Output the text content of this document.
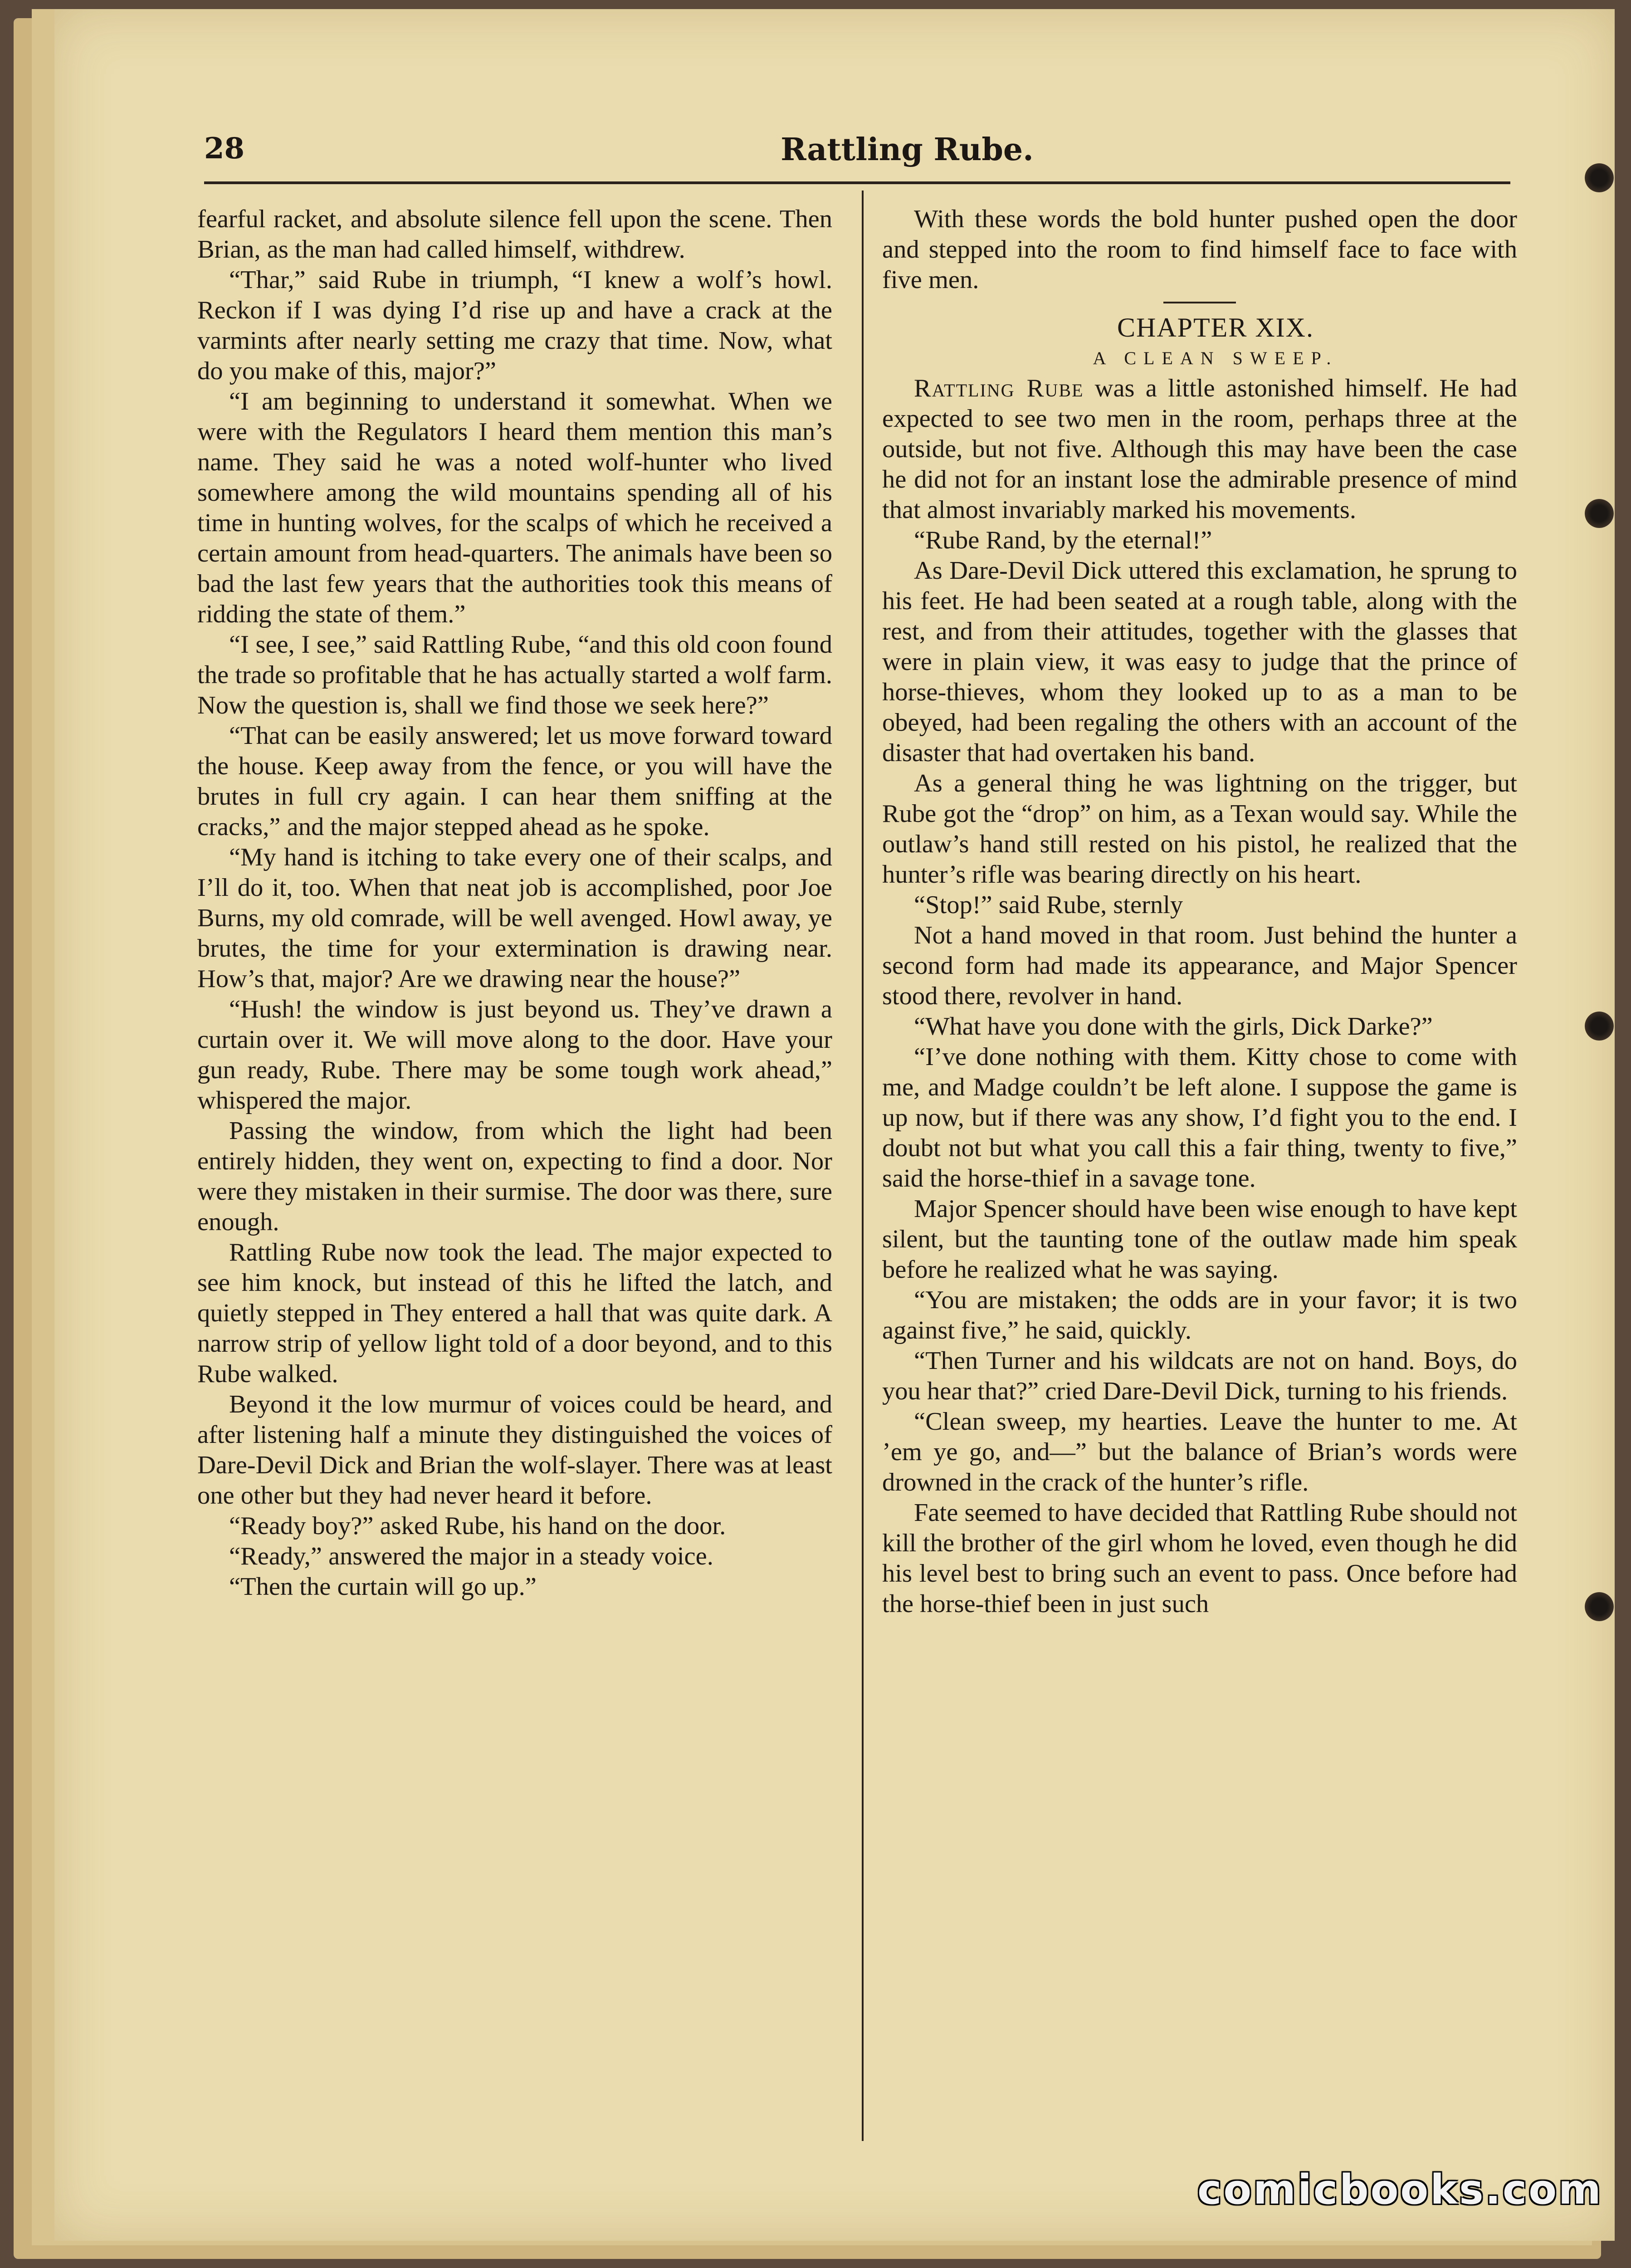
28	Rattling Rube.

fearful racket, and absolute silence fell upon the scene. Then Brian, as the man had called himself, withdrew.

“Thar,” said Rube in triumph, “I knew a wolf’s howl. Reckon if I was dying I’d rise up and have a crack at the varmints after nearly setting me crazy that time. Now, what do you make of this, major?”

“I am beginning to understand it somewhat. When we were with the Regulators I heard them mention this man’s name. They said he was a noted wolf-hunter who lived somewhere among the wild mountains spending all of his time in hunting wolves, for the scalps of which he received a certain amount from head-quarters. The animals have been so bad the last few years that the authorities took this means of ridding the state of them.”

“I see, I see,” said Rattling Rube, “and this old coon found the trade so profitable that he has actually started a wolf farm. Now the question is, shall we find those we seek here?”

“That can be easily answered; let us move forward toward the house. Keep away from the fence, or you will have the brutes in full cry again. I can hear them sniffing at the cracks,” and the major stepped ahead as he spoke.

“My hand is itching to take every one of their scalps, and I’ll do it, too. When that neat job is accomplished, poor Joe Burns, my old comrade, will be well avenged. Howl away, ye brutes, the time for your extermination is drawing near. How’s that, major? Are we drawing near the house?”

“Hush! the window is just beyond us. They’ve drawn a curtain over it. We will move along to the door. Have your gun ready, Rube. There may be some tough work ahead,” whispered the major.

Passing the window, from which the light had been entirely hidden, they went on, expecting to find a door. Nor were they mistaken in their surmise. The door was there, sure enough.

Rattling Rube now took the lead. The major expected to see him knock, but instead of this he lifted the latch, and quietly stepped in They entered a hall that was quite dark. A narrow strip of yellow light told of a door beyond, and to this Rube walked.

Beyond it the low murmur of voices could be heard, and after listening half a minute they distinguished the voices of Dare-Devil Dick and Brian the wolf-slayer. There was at least one other but they had never heard it before.

“Ready boy?” asked Rube, his hand on the door.

“Ready,” answered the major in a steady voice.

“Then the curtain will go up.”

With these words the bold hunter pushed open the door and stepped into the room to find himself face to face with five men.

CHAPTER XIX.

A CLEAN SWEEP.

Rattling Rube was a little astonished himself. He had expected to see two men in the room, perhaps three at the outside, but not five. Although this may have been the case he did not for an instant lose the admirable presence of mind that almost invariably marked his movements.

“Rube Rand, by the eternal!”

As Dare-Devil Dick uttered this exclamation, he sprung to his feet. He had been seated at a rough table, along with the rest, and from their attitudes, together with the glasses that were in plain view, it was easy to judge that the prince of horse-thieves, whom they looked up to as a man to be obeyed, had been regaling the others with an account of the disaster that had overtaken his band.

As a general thing he was lightning on the trigger, but Rube got the “drop” on him, as a Texan would say. While the outlaw’s hand still rested on his pistol, he realized that the hunter’s rifle was bearing directly on his heart.

“Stop!” said Rube, sternly

Not a hand moved in that room. Just behind the hunter a second form had made its appearance, and Major Spencer stood there, revolver in hand.

“What have you done with the girls, Dick Darke?”

“I’ve done nothing with them. Kitty chose to come with me, and Madge couldn’t be left alone. I suppose the game is up now, but if there was any show, I’d fight you to the end. I doubt not but what you call this a fair thing, twenty to five,” said the horse-thief in a savage tone.

Major Spencer should have been wise enough to have kept silent, but the taunting tone of the outlaw made him speak before he realized what he was saying.

“You are mistaken; the odds are in your favor; it is two against five,” he said, quickly.

“Then Turner and his wildcats are not on hand. Boys, do you hear that?” cried Dare-Devil Dick, turning to his friends.

“Clean sweep, my hearties. Leave the hunter to me. At ’em ye go, and—” but the balance of Brian’s words were drowned in the crack of the hunter’s rifle.

Fate seemed to have decided that Rattling Rube should not kill the brother of the girl whom he loved, even though he did his level best to bring such an event to pass. Once before had the horse-thief been in just such

comicbooks.com
